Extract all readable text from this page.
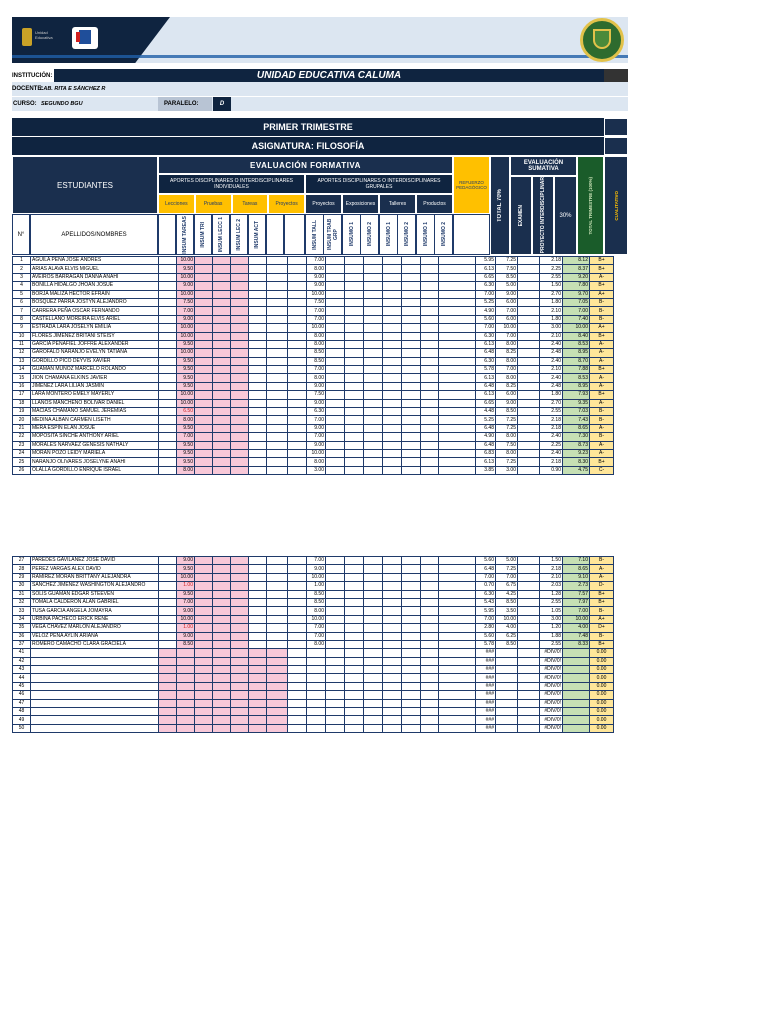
Unidad Educativa
INSTITUCIÓN:	UNIDAD EDUCATIVA CALUMA
DOCENTE:
LAB. RITA E SÁNCHEZ R
CURSO: SEGUNDO BGU	PARALELO:	D
PRIMER TRIMESTRE
ASIGNATURA: FILOSOFÍA
ESTUDIANTES
EVALUACIÓN FORMATIVA
APORTES DISCIPLINARES O INTERDISCIPLINARES INDIVIDUALES
APORTES DISCIPLINARES O INTERDISCIPLINARES GRUPALES
REFUERZO PEDAGÓGICO
TOTAL 70%
EVALUACIÓN SUMATIVA
EXAMEN	PROYECTO INTERDISCIPLINAR	30%	TOTAL TRIMESTRE (100%)	CUALITATIVO
Lecciones	Pruebas	Tareas	Proyectos	Proyectos	Exposiciones	Talleres	Productos
INSUM TAREAS INSUM TRI INSUM LECC 1 INSUM LEC 2 INSUM ACT	INSUM TALL INSUM TRAB GRP INSUMO 1 INSUMO 2	INSUMO 1 INSUMO 2	INSUMO 1 INSUMO 2
N°	APELLIDOS/NOMBRES
1	AGUILA PEÑA JOSE ANDRES		10.00							7.00								5.95	7.25		2.18	8.12	B+
2	ARIAS ALAVA ELVIS MIGUEL		9.50							8.00								6.13	7.50		2.25	8.37	B+
3	AVEIROS BARRAGAN DANNA ANAHI		10.00							9.00								6.65	8.50		2.55	9.20	A-
4	BONILLA HIDALGO JHOAN JOSUE		9.00							9.00								6.30	5.00		1.50	7.80	B+
5	BORJA MALIZA HECTOR EFRAIN		10.00							10.00								7.00	9.00		2.70	9.70	A+
6	BOSQUEZ PARRA JOSTYN ALEJANDRO		7.50							7.50								5.25	6.00		1.80	7.05	B-
7	CARRERA PEÑA OSCAR FERNANDO		7.00							7.00								4.90	7.00		2.10	7.00	B-
8	CASTELLANO MOREIRA ELVIS ARIEL		9.00							7.00								5.60	6.00		1.80	7.40	B-
9	ESTRADA LARA JOSELYN EMILIA		10.00							10.00								7.00	10.00		3.00	10.00	A+
10	FLORES JIMENEZ BRITANI STEISY		10.00							8.00								6.30	7.00		2.10	8.40	B+
11	GARCIA PEÑAFIEL JOFFRE ALEXANDER		9.50							8.00								6.13	8.00		2.40	8.53	A-
12	GAROFALO NARANJO EVELYN TATIANA		10.00							8.50								6.48	8.25		2.48	8.95	A-
13	GORDILLO PICO DEYVIS XAVIER		9.50							8.50								6.30	8.00		2.40	8.70	A-
14	GUAMAN MUÑOZ MARCELO ROLANDO		9.50							7.00								5.78	7.00		2.10	7.88	B+
15	JION CHAMANA ELKINS JAVIER		9.50							8.00								6.13	8.00		2.40	8.53	A-
16	JIMENEZ LARA LILIAN JASMIN		9.50							9.00								6.48	8.25		2.48	8.95	A-
17	LARA MONTERO EMELY MAYERLY		10.00							7.50								6.13	6.00		1.80	7.93	B+
18	LLANOS MANCHENO BOLIVAR DANIEL		10.00							9.00								6.65	9.00		2.70	9.35	A-
19	MACIAS CHAMANO SAMUEL JEREMIAS		6.50							6.30								4.48	8.50		2.55	7.03	B-
20	MEDINA ALBAN CARMEN LISETH		8.00							7.00								5.25	7.25		2.18	7.43	B-
21	MERA ESPIN ELAN JOSUE		9.50							9.00								6.48	7.25		2.18	8.65	A-
22	MOPOSITA SINCHE ANTHONY ARIEL		7.00							7.00								4.90	8.00		2.40	7.30	B-
23	MORALES NARVAEZ GENESIS NATHALY		9.50							9.00								6.48	7.50		2.25	8.73	A-
24	MORAN POZO LEIDY MARIELA		9.50							10.00								6.83	8.00		2.40	9.23	A-
25	NARANJO OLIVARES JOSELYNE ANAHI		9.50							8.00								6.13	7.25		2.18	8.30	B+
26	OLALLA GORDILLO ENRIQUE ISRAEL		8.00							3.00								3.85	3.00		0.90	4.75	C-
27	PAREDES GAVILANEZ JOSE DAVID		9.00							7.00								5.60	5.00		1.50	7.10	B-
28	PEREZ VARGAS ALEX DAVID		9.50							9.00								6.48	7.25		2.18	8.65	A-
29	RAMIREZ MORAN BRITTANY ALEJANDRA		10.00							10.00								7.00	7.00		2.10	9.10	A-
30	SANCHEZ JIMENEZ WASHINGTON ALEJANDRO		1.00							1.00								0.70	6.75		2.03	2.73	D-
31	SOLIS GUAMAN EDGAR STEEVEN		9.50							8.50								6.30	4.25		1.28	7.57	B+
32	TOMALA CALDERON ALAN GABRIEL		7.00							8.50								5.43	8.50		2.55	7.97	B+
33	TUSA GARCIA ANGELA JOMAYRA		9.00							8.00								5.95	3.50		1.05	7.00	B-
34	URBINA PACHECO ERICK RENE		10.00							10.00								7.00	10.00		3.00	10.00	A+
35	VEGA CHAVEZ MARLON ALEJANDRO		1.00							7.00								2.80	4.00		1.20	4.00	D+
36	VELOZ PEÑA AYLIN ARIANA		9.00							7.00								5.60	6.25		1.88	7.48	B-
37	ROMERO CAMACHO CLARA GRACIELA		8.50							8.00								5.78	8.50		2.55	8.33	B+
41																		###			#DIV/0!		0.00
42																		###			#DIV/0!		0.00
43																		###			#DIV/0!		0.00
44																		###			#DIV/0!		0.00
45																		###			#DIV/0!		0.00
46																		###			#DIV/0!		0.00
47																		###			#DIV/0!		0.00
48																		###			#DIV/0!		0.00
49																		###			#DIV/0!		0.00
50																		###			#DIV/0!		0.00
